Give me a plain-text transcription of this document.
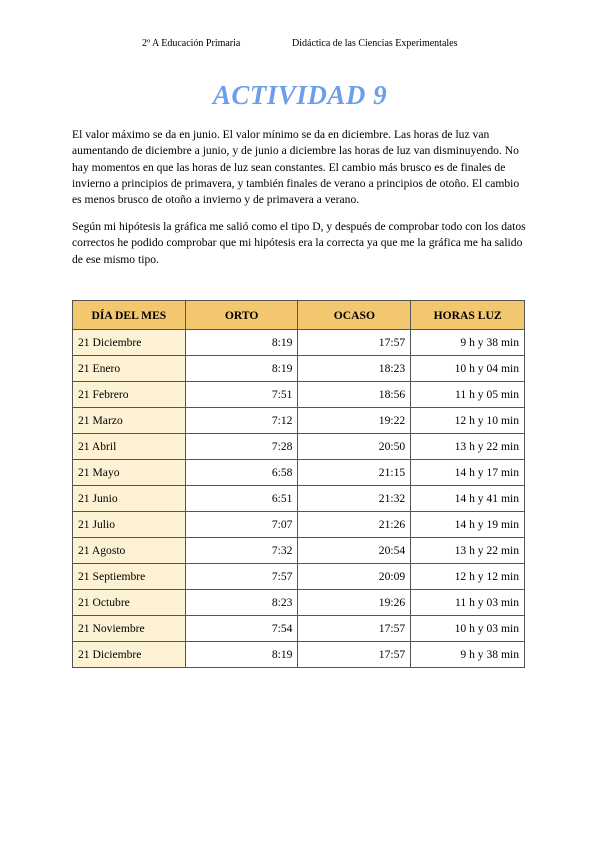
2º A Educación Primaria	Didáctica de las Ciencias Experimentales
ACTIVIDAD 9

El valor máximo se da en junio. El valor mínimo se da en diciembre. Las horas de luz van aumentando de diciembre a junio, y de junio a diciembre las horas de luz van disminuyendo. No hay momentos en que las horas de luz sean constantes. El cambio más brusco es de finales de invierno a principios de primavera, y también finales de verano a principios de otoño. El cambio es menos brusco de otoño a invierno y de primavera a verano.

Según mi hipótesis la gráfica me salió como el tipo D, y después de comprobar todo con los datos correctos he podido comprobar que mi hipótesis era la correcta ya que me la gráfica me ha salido de ese mismo tipo.

DÍA DEL MES	ORTO	OCASO	HORAS LUZ
21 Diciembre	8:19	17:57	9 h y 38 min
21 Enero	8:19	18:23	10 h y 04 min
21 Febrero	7:51	18:56	11 h y 05 min
21 Marzo	7:12	19:22	12 h y 10 min
21 Abril	7:28	20:50	13 h y 22 min
21 Mayo	6:58	21:15	14 h y 17 min
21 Junio	6:51	21:32	14 h y 41 min
21 Julio	7:07	21:26	14 h y 19 min
21 Agosto	7:32	20:54	13 h y 22 min
21 Septiembre	7:57	20:09	12 h y 12 min
21 Octubre	8:23	19:26	11 h y 03 min
21 Noviembre	7:54	17:57	10 h y 03 min
21 Diciembre	8:19	17:57	9 h y 38 min
